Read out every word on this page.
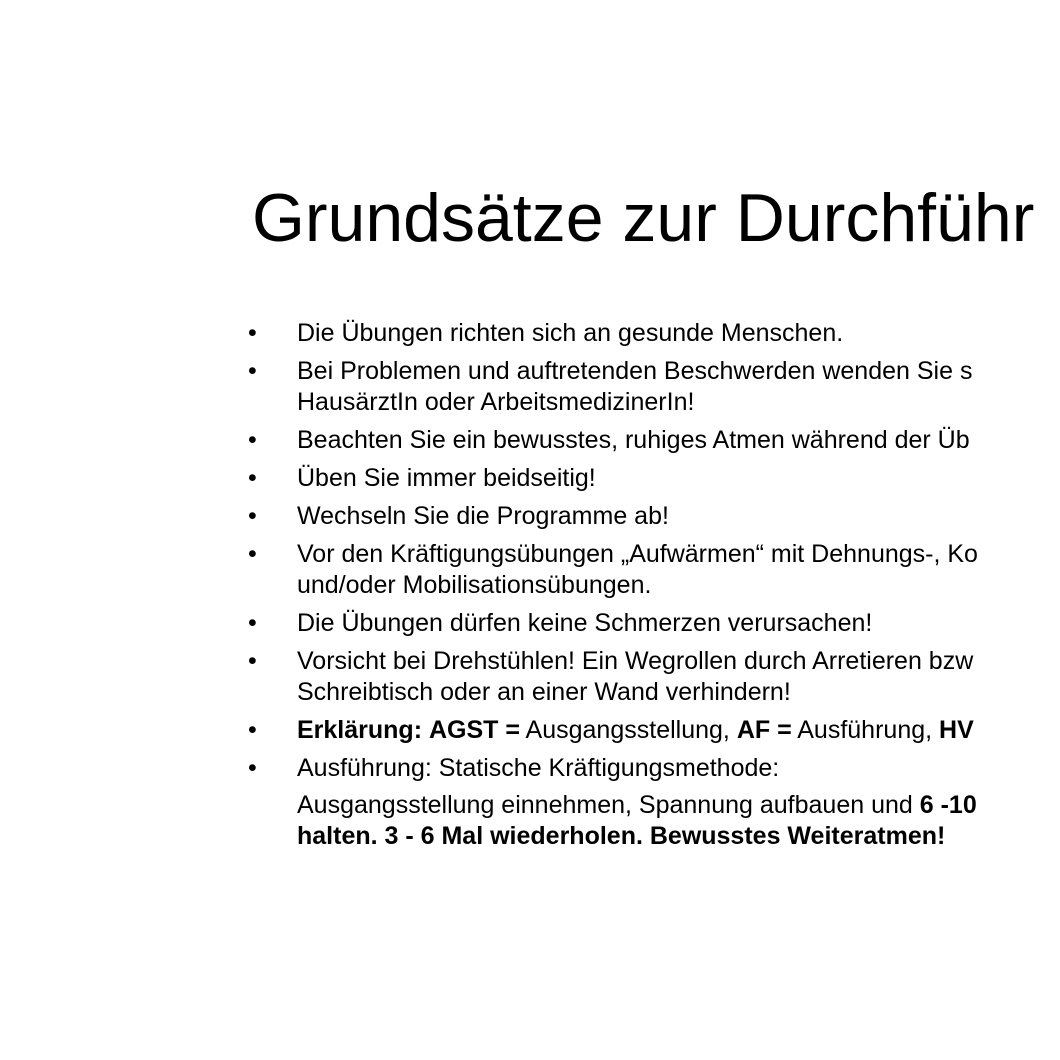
Grundsätze zur Durchführ
•	Die Übungen richten sich an gesunde Menschen.
•	Bei Problemen und auftretenden Beschwerden wenden Sie s
HausärztIn oder ArbeitsmedizinerIn!
•	Beachten Sie ein bewusstes, ruhiges Atmen während der Üb
•	Üben Sie immer beidseitig!
•	Wechseln Sie die Programme ab!
•	Vor den Kräftigungsübungen „Aufwärmen“ mit Dehnungs-, Ko
und/oder Mobilisationsübungen.
•	Die Übungen dürfen keine Schmerzen verursachen!
•	Vorsicht bei Drehstühlen! Ein Wegrollen durch Arretieren bzw
Schreibtisch oder an einer Wand verhindern!
•	Erklärung: AGST = Ausgangsstellung, AF = Ausführung, HV
•	Ausführung: Statische Kräftigungsmethode:
Ausgangsstellung einnehmen, Spannung aufbauen und 6 -10
halten. 3 - 6 Mal wiederholen. Bewusstes Weiteratmen!
